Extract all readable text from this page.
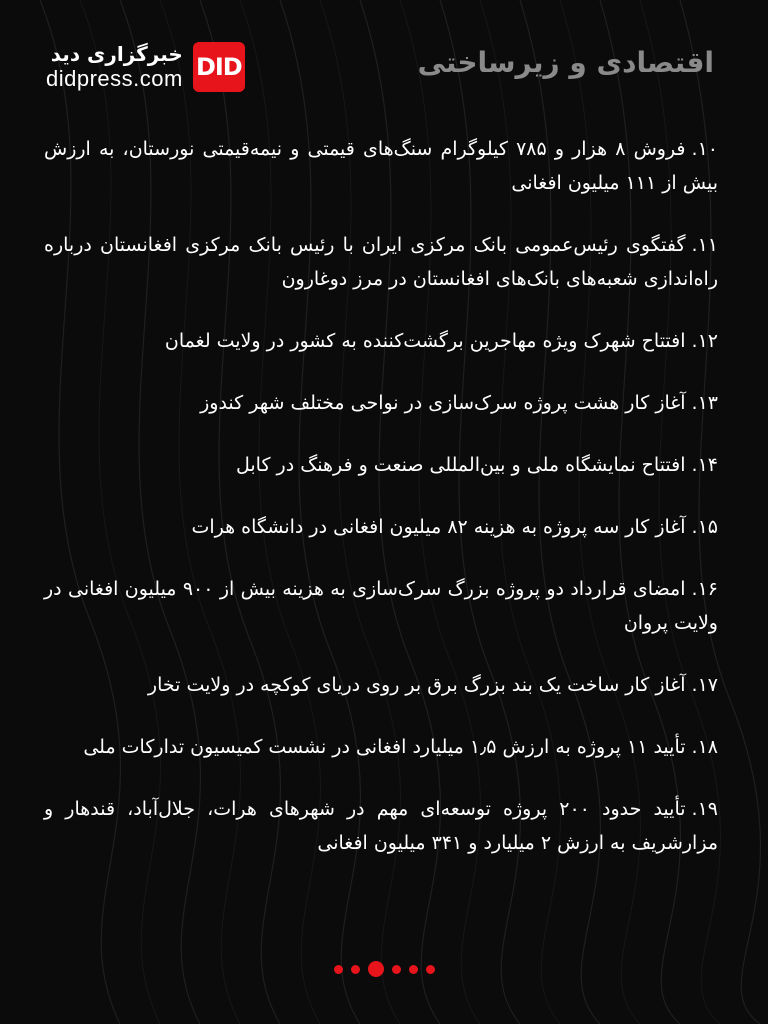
خبرگزاری دید
didpress.com DID	اقتصادی و زیرساختی
۱۰.فروش ۸ هزار و ۷۸۵ کیلوگرام سنگ‌های قیمتی و نیمه‌قیمتی نورستان، به ارزش بیش از ۱۱۱ میلیون افغانی
۱۱.گفتگوی رئیس‌عمومی بانک مرکزی ایران با رئیس بانک مرکزی افغانستان درباره راه‌اندازی شعبه‌های بانک‌های افغانستان در مرز دوغارون
۱۲.افتتاح شهرک ویژه مهاجرین برگشت‌کننده به کشور در ولایت لغمان
۱۳.آغاز کار هشت پروژه سرک‌سازی در نواحی مختلف شهر کندوز
۱۴.افتتاح نمایشگاه ملی و بین‌المللی صنعت و فرهنگ در کابل
۱۵.آغاز کار سه پروژه به هزینه ۸۲ میلیون افغانی در دانشگاه هرات
۱۶.امضای قرارداد دو پروژه بزرگ سرک‌سازی به هزینه بیش از ۹۰۰ میلیون افغانی در ولایت پروان
۱۷.آغاز کار ساخت یک بند بزرگ برق بر روی دریای کوکچه در ولایت تخار
۱۸.تأیید ۱۱ پروژه به ارزش ۱٫۵ میلیارد افغانی در نشست کمیسیون تدارکات ملی
۱۹.تأیید حدود ۲۰۰ پروژه توسعه‌ای مهم در شهرهای هرات، جلال‌آباد، قندهار و مزارشریف به ارزش ۲ میلیارد و ۳۴۱ میلیون افغانی
